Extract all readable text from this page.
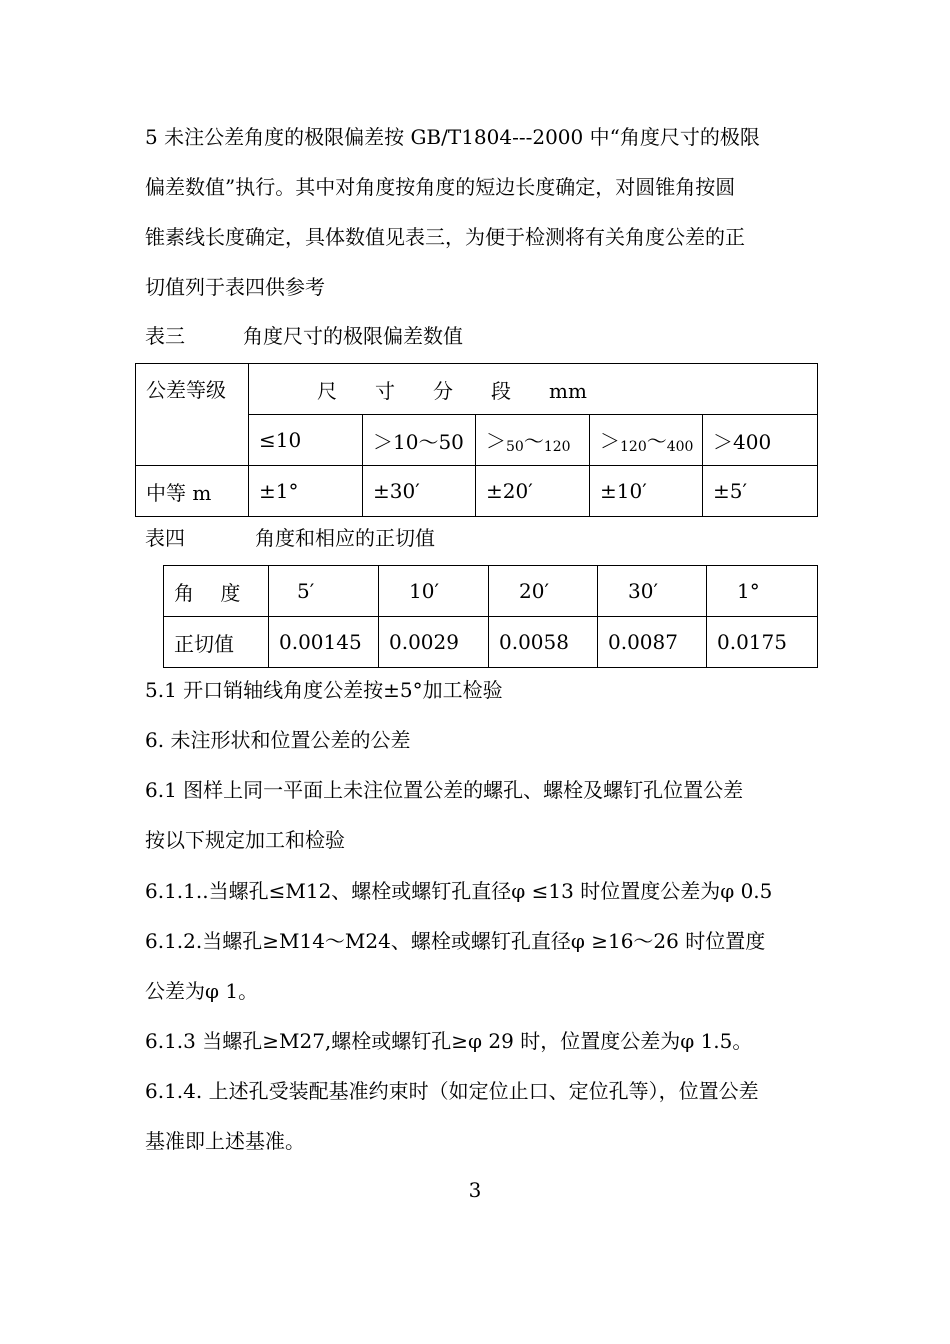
5 未注公差角度的极限偏差按 GB/T1804---2000 中“角度尺寸的极限
偏差数值”执行。其中对角度按角度的短边长度确定，对圆锥角按圆
锥素线长度确定，具体数值见表三，为便于检测将有关角度公差的正
切值列于表四供参考
表三	角度尺寸的极限偏差数值
公差等级	尺 寸 分 段 mm				
	≤10	＞10～50	$>_{50}\sim_{120}$	$>_{120}\sim_{400}$	＞400
中等 m	±1°	±30′	±20′	±10′	±5′
表四	角度和相应的正切值
角　 度	5′	10′	20′	30′	1°
正切值	0.00145	0.0029	0.0058	0.0087	0.0175
5.1 开口销轴线角度公差按±5°加工检验
6. 未注形状和位置公差的公差
6.1 图样上同一平面上未注位置公差的螺孔、螺栓及螺钉孔位置公差
按以下规定加工和检验
6.1.1..当螺孔≤M12、螺栓或螺钉孔直径φ ≤13 时位置度公差为φ 0.5
6.1.2.当螺孔≥M14～M24、螺栓或螺钉孔直径φ ≥16～26 时位置度
公差为φ 1。
6.1.3 当螺孔≥M27,螺栓或螺钉孔≥φ 29 时，位置度公差为φ 1.5。
6.1.4. 上述孔受装配基准约束时（如定位止口、定位孔等），位置公差
基准即上述基准。
3
